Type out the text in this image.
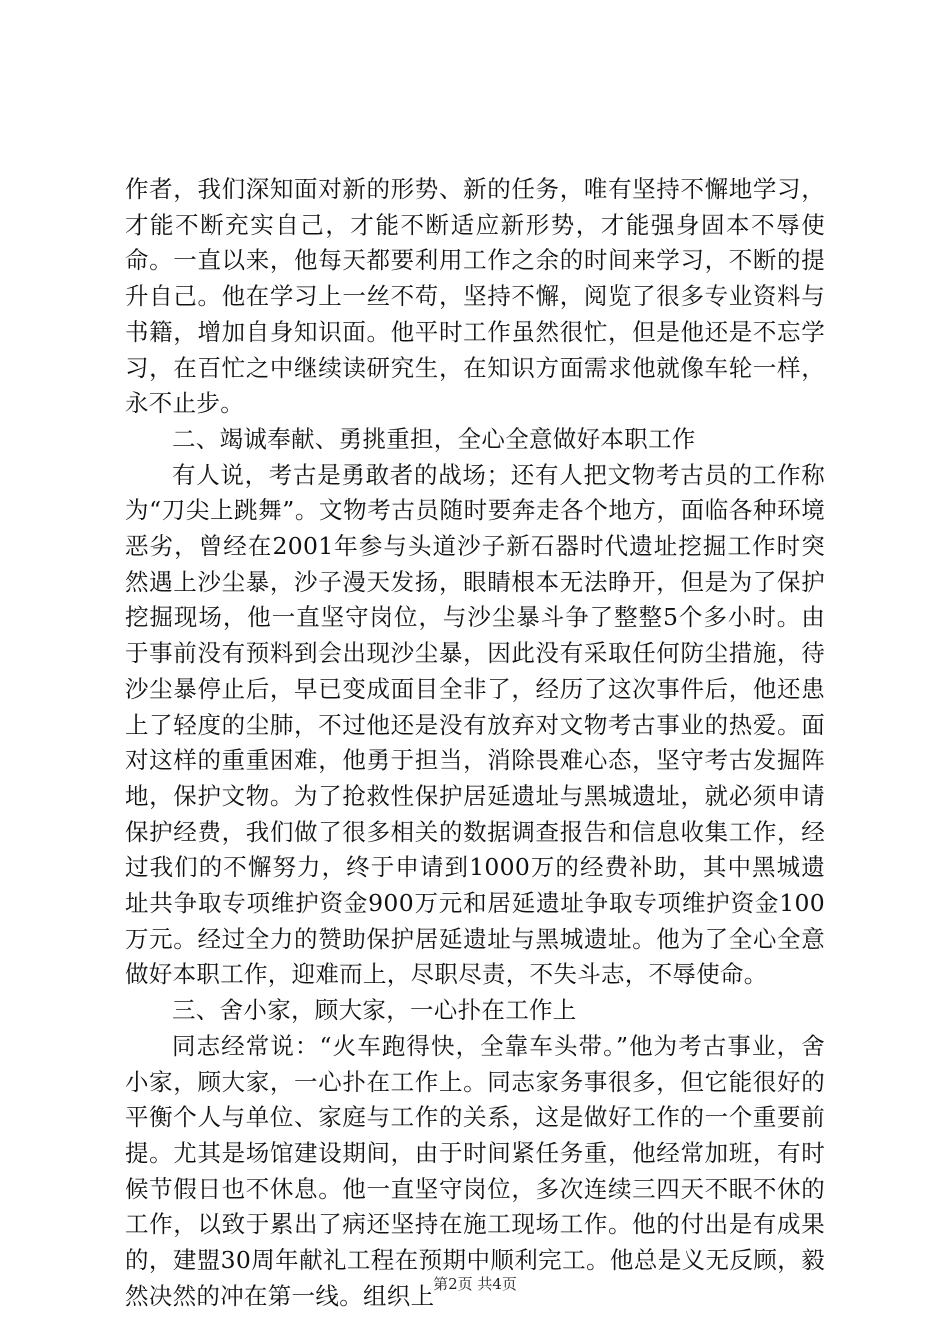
作者，我们深知面对新的形势、新的任务，唯有坚持不懈地学习，才能不断充实自己，才能不断适应新形势，才能强身固本不辱使命。一直以来，他每天都要利用工作之余的时间来学习，不断的提升自己。他在学习上一丝不苟，坚持不懈，阅览了很多专业资料与书籍，增加自身知识面。他平时工作虽然很忙，但是他还是不忘学习，在百忙之中继续读研究生，在知识方面需求他就像车轮一样，永不止步。

二、竭诚奉献、勇挑重担，全心全意做好本职工作

有人说，考古是勇敢者的战场；还有人把文物考古员的工作称为“刀尖上跳舞”。文物考古员随时要奔走各个地方，面临各种环境恶劣，曾经在2001年参与头道沙子新石器时代遗址挖掘工作时突然遇上沙尘暴，沙子漫天发扬，眼睛根本无法睁开，但是为了保护挖掘现场，他一直坚守岗位，与沙尘暴斗争了整整5个多小时。由于事前没有预料到会出现沙尘暴，因此没有采取任何防尘措施，待沙尘暴停止后，早已变成面目全非了，经历了这次事件后，他还患上了轻度的尘肺，不过他还是没有放弃对文物考古事业的热爱。面对这样的重重困难，他勇于担当，消除畏难心态，坚守考古发掘阵地，保护文物。为了抢救性保护居延遗址与黑城遗址，就必须申请保护经费，我们做了很多相关的数据调查报告和信息收集工作，经过我们的不懈努力，终于申请到1000万的经费补助，其中黑城遗址共争取专项维护资金900万元和居延遗址争取专项维护资金100万元。经过全力的赞助保护居延遗址与黑城遗址。他为了全心全意做好本职工作，迎难而上，尽职尽责，不失斗志，不辱使命。

三、舍小家，顾大家，一心扑在工作上

同志经常说：“火车跑得快，全靠车头带。”他为考古事业，舍小家，顾大家，一心扑在工作上。同志家务事很多，但它能很好的平衡个人与单位、家庭与工作的关系，这是做好工作的一个重要前提。尤其是场馆建设期间，由于时间紧任务重，他经常加班，有时候节假日也不休息。他一直坚守岗位，多次连续三四天不眠不休的工作，以致于累出了病还坚持在施工现场工作。他的付出是有成果的，建盟30周年献礼工程在预期中顺利完工。他总是义无反顾，毅然决然的冲在第一线。组织上

第2页 共4页
